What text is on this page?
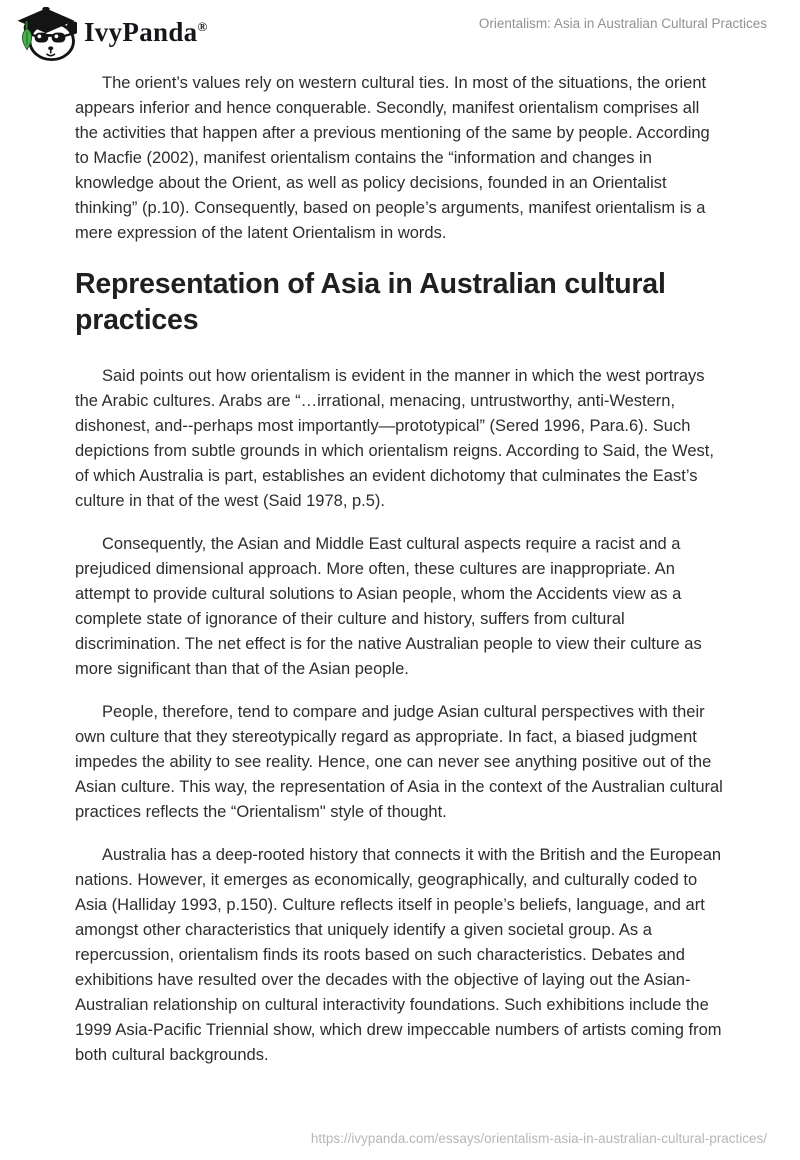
IvyPanda®	Orientalism: Asia in Australian Cultural Practices

The orient’s values rely on western cultural ties. In most of the situations, the orient appears inferior and hence conquerable. Secondly, manifest orientalism comprises all the activities that happen after a previous mentioning of the same by people. According to Macfie (2002), manifest orientalism contains the “information and changes in knowledge about the Orient, as well as policy decisions, founded in an Orientalist thinking” (p.10). Consequently, based on people’s arguments, manifest orientalism is a mere expression of the latent Orientalism in words.

Representation of Asia in Australian cultural practices

Said points out how orientalism is evident in the manner in which the west portrays the Arabic cultures. Arabs are “…irrational, menacing, untrustworthy, anti-Western, dishonest, and--perhaps most importantly—prototypical” (Sered 1996, Para.6). Such depictions from subtle grounds in which orientalism reigns. According to Said, the West, of which Australia is part, establishes an evident dichotomy that culminates the East’s culture in that of the west (Said 1978, p.5).

Consequently, the Asian and Middle East cultural aspects require a racist and a prejudiced dimensional approach. More often, these cultures are inappropriate. An attempt to provide cultural solutions to Asian people, whom the Accidents view as a complete state of ignorance of their culture and history, suffers from cultural discrimination. The net effect is for the native Australian people to view their culture as more significant than that of the Asian people.

People, therefore, tend to compare and judge Asian cultural perspectives with their own culture that they stereotypically regard as appropriate. In fact, a biased judgment impedes the ability to see reality. Hence, one can never see anything positive out of the Asian culture. This way, the representation of Asia in the context of the Australian cultural practices reflects the “Orientalism" style of thought.

Australia has a deep-rooted history that connects it with the British and the European nations. However, it emerges as economically, geographically, and culturally coded to Asia (Halliday 1993, p.150). Culture reflects itself in people’s beliefs, language, and art amongst other characteristics that uniquely identify a given societal group. As a repercussion, orientalism finds its roots based on such characteristics. Debates and exhibitions have resulted over the decades with the objective of laying out the Asian-Australian relationship on cultural interactivity foundations. Such exhibitions include the 1999 Asia-Pacific Triennial show, which drew impeccable numbers of artists coming from both cultural backgrounds.

https://ivypanda.com/essays/orientalism-asia-in-australian-cultural-practices/
